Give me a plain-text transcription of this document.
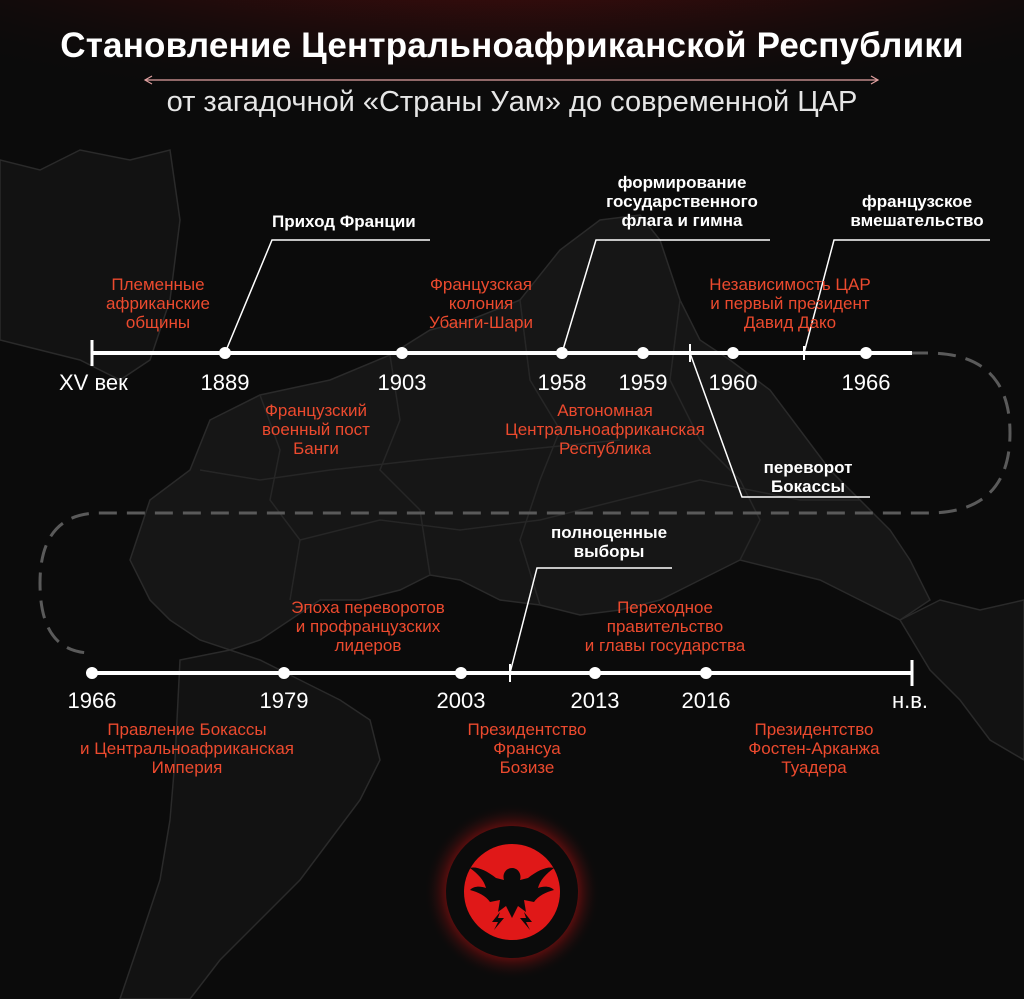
Становление Центральноафриканской Республики
от загадочной «Страны Уам» до современной ЦАР
XV век	1889	1903	1958 1959 1960	1966
Племенные
африканские
общины
Французский
военный пост
Банги
Французская
колония
Убанги-Шари
Автономная
Центральноафриканская
Республика
Независимость ЦАР
и первый президент
Давид Дако
Приход Франции
формирование
государственного
флага и гимна
французское
вмешательство
переворот
Бокассы
1966	1979	2003	2013	2016	н.в.
Правление Бокассы
и Центральноафриканская
Империя
Эпоха переворотов
и профранцузских
лидеров
Президентство
Франсуа
Бозизе
Переходное
правительство
и главы государства
Президентство
Фостен-Арканжа
Туадера
полноценные
выборы
